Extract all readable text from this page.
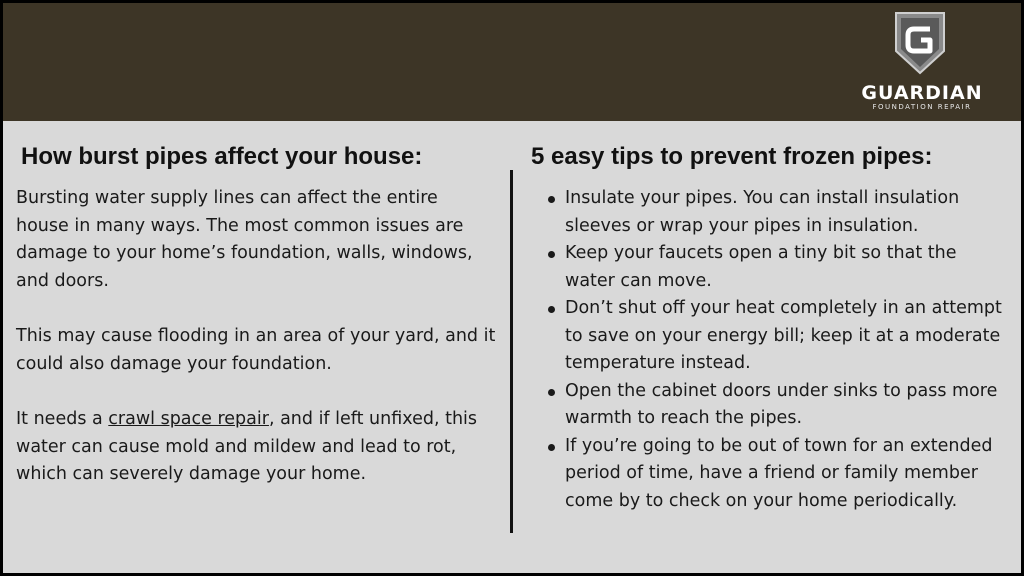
GUARDIAN
FOUNDATION REPAIR
How burst pipes affect your house:
Bursting water supply lines can affect the entire house in many ways. The most common issues are damage to your home’s foundation, walls, windows, and doors.
This may cause flooding in an area of your yard, and it could also damage your foundation.
It needs a crawl space repair, and if left unfixed, this water can cause mold and mildew and lead to rot, which can severely damage your home.
5 easy tips to prevent frozen pipes:
Insulate your pipes. You can install insulation sleeves or wrap your pipes in insulation.
Keep your faucets open a tiny bit so that the water can move.
Don’t shut off your heat completely in an attempt to save on your energy bill; keep it at a moderate temperature instead.
Open the cabinet doors under sinks to pass more warmth to reach the pipes.
If you’re going to be out of town for an extended period of time, have a friend or family member come by to check on your home periodically.
